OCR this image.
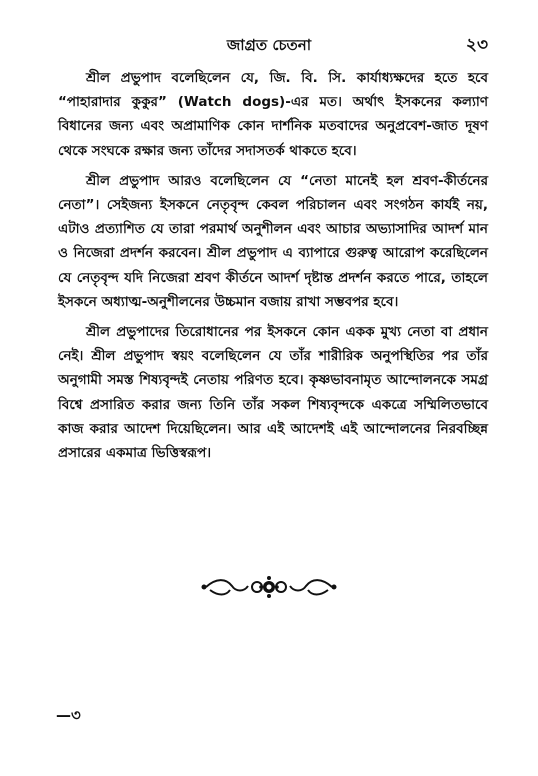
জাগ্রত চেতনা	২৩

শ্রীল প্রভুপাদ বলেছিলেন যে, জি. বি. সি. কার্যাধ্যক্ষদের হতে হবে “পাহারাদার কুকুর” (Watch dogs)-এর মত। অর্থাৎ ইসকনের কল্যাণ বিধানের জন্য এবং অপ্রামাণিক কোন দার্শনিক মতবাদের অনুপ্রবেশ-জাত দূষণ থেকে সংঘকে রক্ষার জন্য তাঁদের সদাসতর্ক থাকতে হবে।

শ্রীল প্রভুপাদ আরও বলেছিলেন যে “নেতা মানেই হল শ্রবণ-কীর্তনের নেতা”। সেইজন্য ইসকনে নেতৃবৃন্দ কেবল পরিচালন এবং সংগঠন কার্যই নয়, এটাও প্রত্যাশিত যে তারা পরমার্থ অনুশীলন এবং আচার অভ্যাসাদির আদর্শ মান ও নিজেরা প্রদর্শন করবেন। শ্রীল প্রভুপাদ এ ব্যাপারে গুরুত্ব আরোপ করেছিলেন যে নেতৃবৃন্দ যদি নিজেরা শ্রবণ কীর্তনে আদর্শ দৃষ্টান্ত প্রদর্শন করতে পারে, তাহলে ইসকনে অধ্যাত্ম-অনুশীলনের উচ্চমান বজায় রাখা সম্ভবপর হবে।

শ্রীল প্রভুপাদের তিরোধানের পর ইসকনে কোন একক মুখ্য নেতা বা প্রধান নেই। শ্রীল প্রভুপাদ স্বয়ং বলেছিলেন যে তাঁর শারীরিক অনুপস্থিতির পর তাঁর অনুগামী সমস্ত শিষ্যবৃন্দই নেতায় পরিণত হবে। কৃষ্ণভাবনামৃত আন্দোলনকে সমগ্র বিশ্বে প্রসারিত করার জন্য তিনি তাঁর সকল শিষ্যবৃন্দকে একত্রে সম্মিলিতভাবে কাজ করার আদেশ দিয়েছিলেন। আর এই আদেশই এই আন্দোলনের নিরবচ্ছিন্ন প্রসারের একমাত্র ভিত্তিস্বরূপ।

—৩
